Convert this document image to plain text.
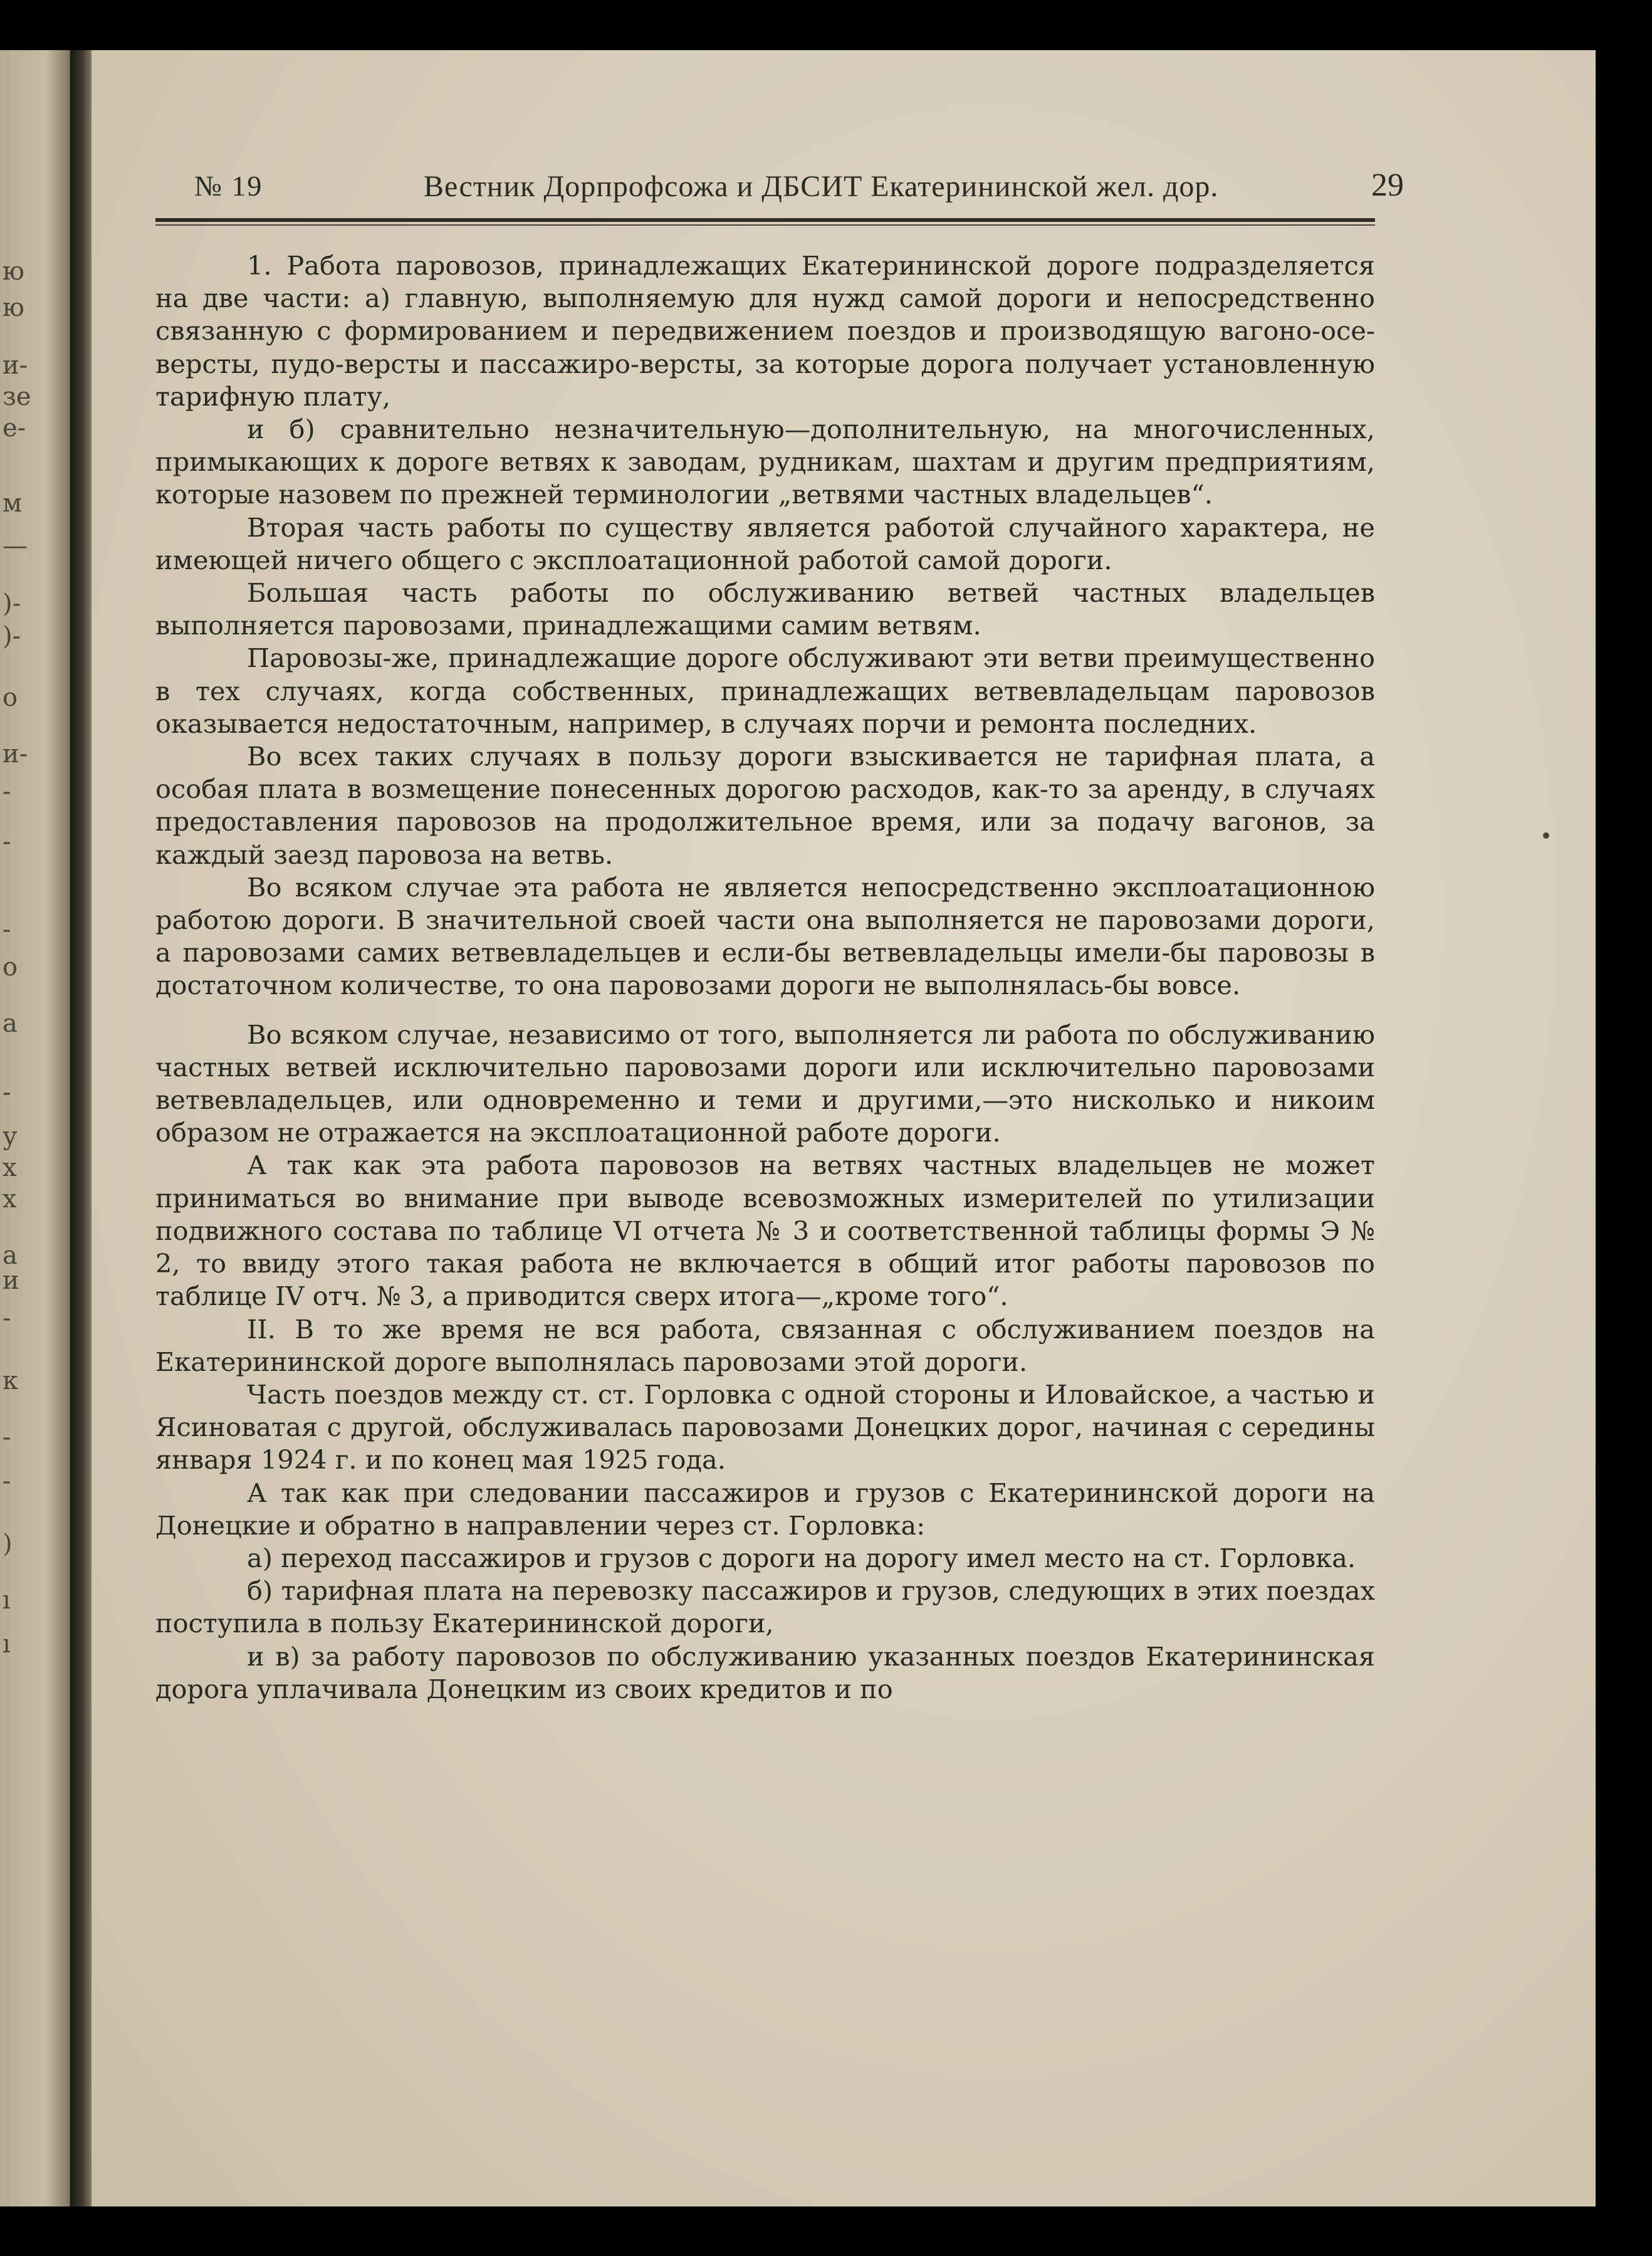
ю
ю
и-
зе
е-
м
—
)-
)-
о
и-
-
-
-
о
а
-
у
х
х
а
и
-
к
-
-
)
ı
ı
№ 19	Вестник Дорпрофсожа и ДБСИТ Екатерининской жел. дор.	29

1. Работа паровозов, принадлежащих Екатерининской дороге подразделяется на две части: а) главную, выполняемую для нужд самой дороги и непосредственно связанную с формированием и передвижением поездов и производящую вагоно-осе-версты, пудо-версты и пассажиро-версты, за которые дорога получает установленную тарифную плату,

и б) сравнительно незначительную—дополнительную, на многочисленных, примыкающих к дороге ветвях к заводам, рудникам, шахтам и другим предприятиям, которые назовем по прежней терминологии „ветвями частных владельцев“.

Вторая часть работы по существу является работой случайного характера, не имеющей ничего общего с эксплоатационной работой самой дороги.

Большая часть работы по обслуживанию ветвей частных владельцев выполняется паровозами, принадлежащими самим ветвям.

Паровозы-же, принадлежащие дороге обслуживают эти ветви преимущественно в тех случаях, когда собственных, принадлежащих ветвевладельцам паровозов оказывается недостаточным, например, в случаях порчи и ремонта последних.

Во всех таких случаях в пользу дороги взыскивается не тарифная плата, а особая плата в возмещение понесенных дорогою расходов, как-то за аренду, в случаях предоставления паровозов на продолжительное время, или за подачу вагонов, за каждый заезд паровоза на ветвь.

Во всяком случае эта работа не является непосредственно эксплоатационною работою дороги. В значительной своей части она выполняется не паровозами дороги, а паровозами самих ветвевладельцев и если-бы ветвевладельцы имели-бы паровозы в достаточном количестве, то она паровозами дороги не выполнялась-бы вовсе.

Во всяком случае, независимо от того, выполняется ли работа по обслуживанию частных ветвей исключительно паровозами дороги или исключительно паровозами ветвевладельцев, или одновременно и теми и другими,—это нисколько и никоим образом не отражается на эксплоатационной работе дороги.

А так как эта работа паровозов на ветвях частных владельцев не может приниматься во внимание при выводе всевозможных измерителей по утилизации подвижного состава по таблице VI отчета № 3 и соответственной таблицы формы Э № 2, то ввиду этого такая работа не включается в общий итог работы паровозов по таблице IV отч. № 3, а приводится сверх итога—„кроме того“.

II. В то же время не вся работа, связанная с обслуживанием поездов на Екатерининской дороге выполнялась паровозами этой дороги.

Часть поездов между ст. ст. Горловка с одной стороны и Иловайское, а частью и Ясиноватая с другой, обслуживалась паровозами Донецких дорог, начиная с середины января 1924 г. и по конец мая 1925 года.

А так как при следовании пассажиров и грузов с Екатерининской дороги на Донецкие и обратно в направлении через ст. Горловка:

а) переход пассажиров и грузов с дороги на дорогу имел место на ст. Горловка.

б) тарифная плата на перевозку пассажиров и грузов, следующих в этих поездах поступила в пользу Екатерининской дороги,

и в) за работу паровозов по обслуживанию указанных поездов Екатерининская дорога уплачивала Донецким из своих кредитов и по
